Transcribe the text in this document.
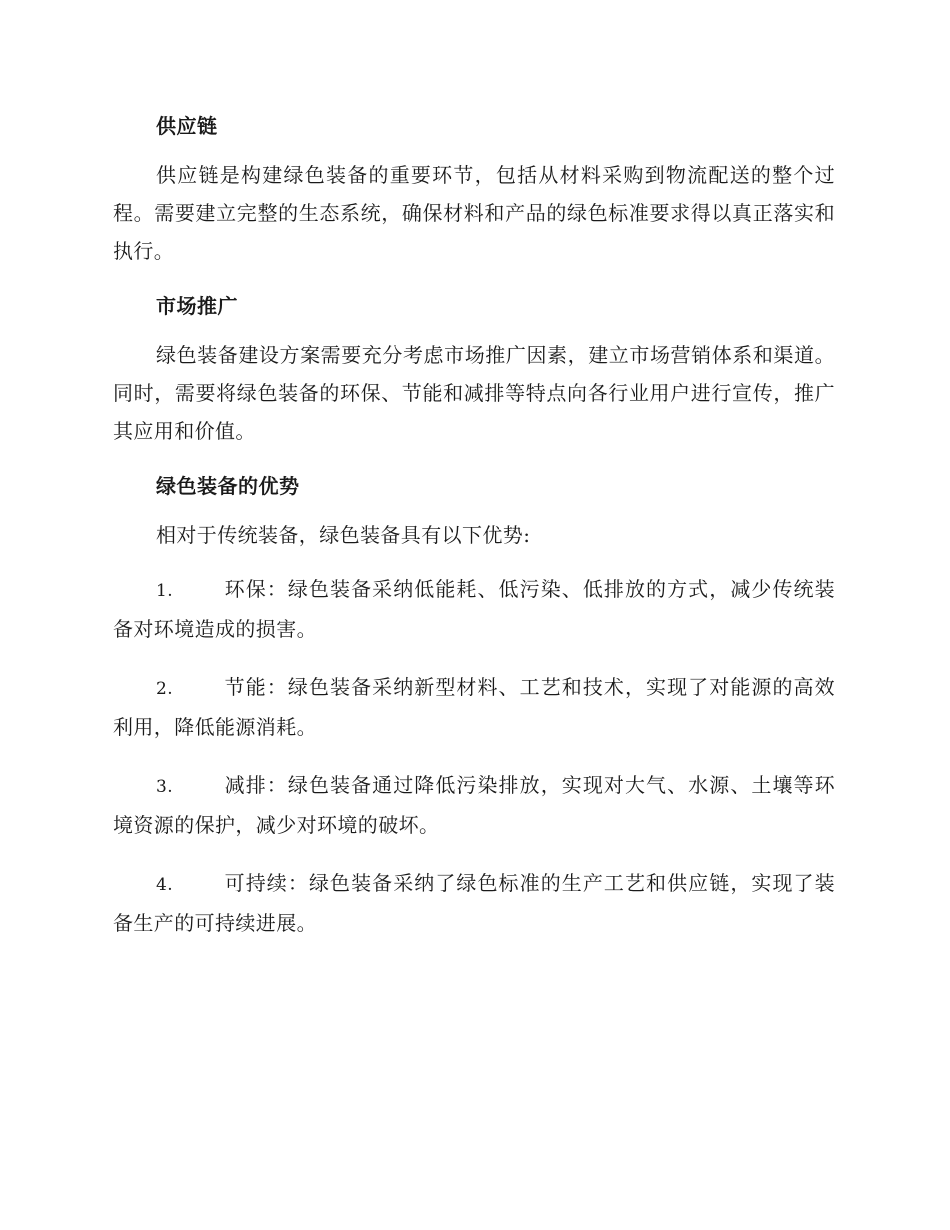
供应链

供应链是构建绿色装备的重要环节，包括从材料采购到物流配送的整个过程。需要建立完整的生态系统，确保材料和产品的绿色标准要求得以真正落实和执行。

市场推广

绿色装备建设方案需要充分考虑市场推广因素，建立市场营销体系和渠道。同时，需要将绿色装备的环保、节能和减排等特点向各行业用户进行宣传，推广其应用和价值。

绿色装备的优势

相对于传统装备，绿色装备具有以下优势:

1.	环保：绿色装备采纳低能耗、低污染、低排放的方式，减少传统装备对环境造成的损害。

2.	节能：绿色装备采纳新型材料、工艺和技术，实现了对能源的高效利用，降低能源消耗。

3.	减排：绿色装备通过降低污染排放，实现对大气、水源、土壤等环境资源的保护，减少对环境的破坏。

4.	可持续：绿色装备采纳了绿色标准的生产工艺和供应链，实现了装备生产的可持续进展。
